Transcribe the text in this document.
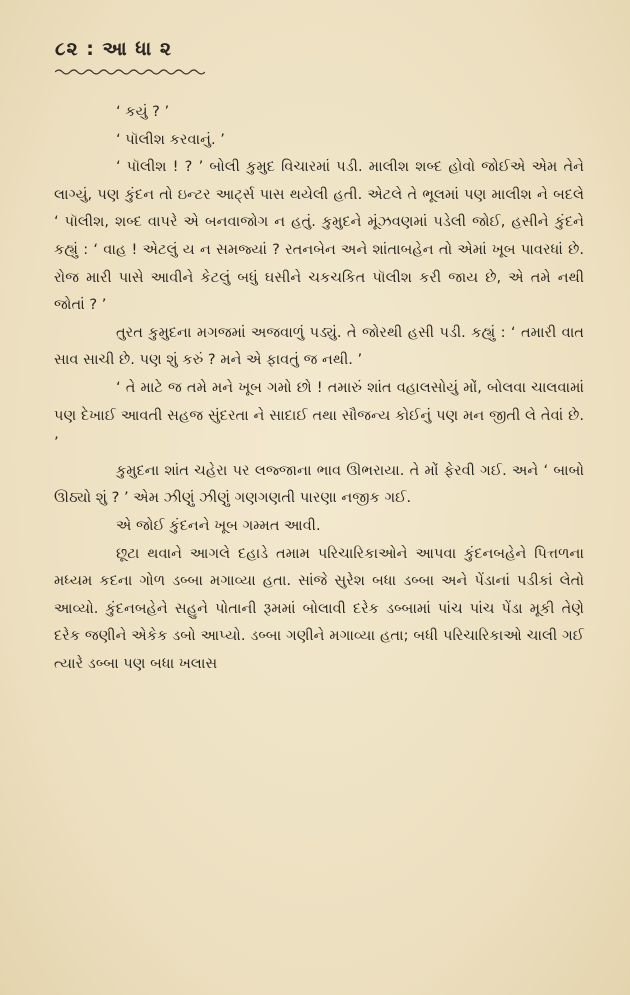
૮૨ : આ ધા ૨

‘ કયું ? ’

‘ પૉલીશ કરવાનું. ’

‘ પૉલીશ ! ? ’ બોલી કુમુદ વિચારમાં પડી. માલીશ શબ્દ હોવો જોઈએ એમ તેને લાગ્યું, પણ કુંદન તો ઇન્ટર આર્ટ્સ પાસ થયેલી હતી. એટલે તે ભૂલમાં પણ માલીશ ને બદલે ‘ પૉલીશ, શબ્દ વાપરે એ બનવાજોગ ન હતું. કુમુદને મૂંઝવણમાં પડેલી જોઈ, હસીને કુંદને કહ્યું : ‘ વાહ ! એટલું ય ન સમજ્યાં ? રતનબેન અને શાંતાબહેન તો એમાં ખૂબ પાવરધાં છે. રોજ મારી પાસે આવીને કેટલું બધું ઘસીને ચકચકિત પૉલીશ કરી જાય છે, એ તમે નથી જોતાં ? ’

તુરત કુમુદના મગજમાં અજવાળું પડ્યું. તે જોરથી હસી પડી. કહ્યું : ‘ તમારી વાત સાવ સાચી છે. પણ શું કરું ? મને એ ફાવતું જ નથી. ’

‘ તે માટે જ તમે મને ખૂબ ગમો છો ! તમારું શાંત વહાલસોયું મોં, બોલવા ચાલવામાં પણ દેખાઈ આવતી સહજ સુંદરતા ને સાદાઈ તથા સૌજન્ય કોઈનું પણ મન જીતી લે તેવાં છે. ’

કુમુદના શાંત ચહેરા પર લજ્જાના ભાવ ઊભરાયા. તે મોં ફેરવી ગઈ. અને ‘ બાબો ઊઠ્યો શું ? ’ એમ ઝીણું ઝીણું ગણગણતી પારણા નજીક ગઈ.

એ જોઈ કુંદનને ખૂબ ગમ્મત આવી.

છૂટા થવાને આગલે દહાડે તમામ પરિચારિકાઓને આપવા કુંદનબહેને પિત્તળના મધ્યમ કદના ગોળ ડબ્બા મગાવ્યા હતા. સાંજે સુરેશ બધા ડબ્બા અને પેંડાનાં પડીકાં લેતો આવ્યો. કુંદનબહેને સહુને પોતાની રૂમમાં બોલાવી દરેક ડબ્બામાં પાંચ પાંચ પેંડા મૂકી તેણે દરેક જણીને એકેક ડબો આપ્યો. ડબ્બા ગણીને મગાવ્યા હતા; બધી પરિચારિકાઓ ચાલી ગઈ ત્યારે ડબ્બા પણ બધા ખલાસ
